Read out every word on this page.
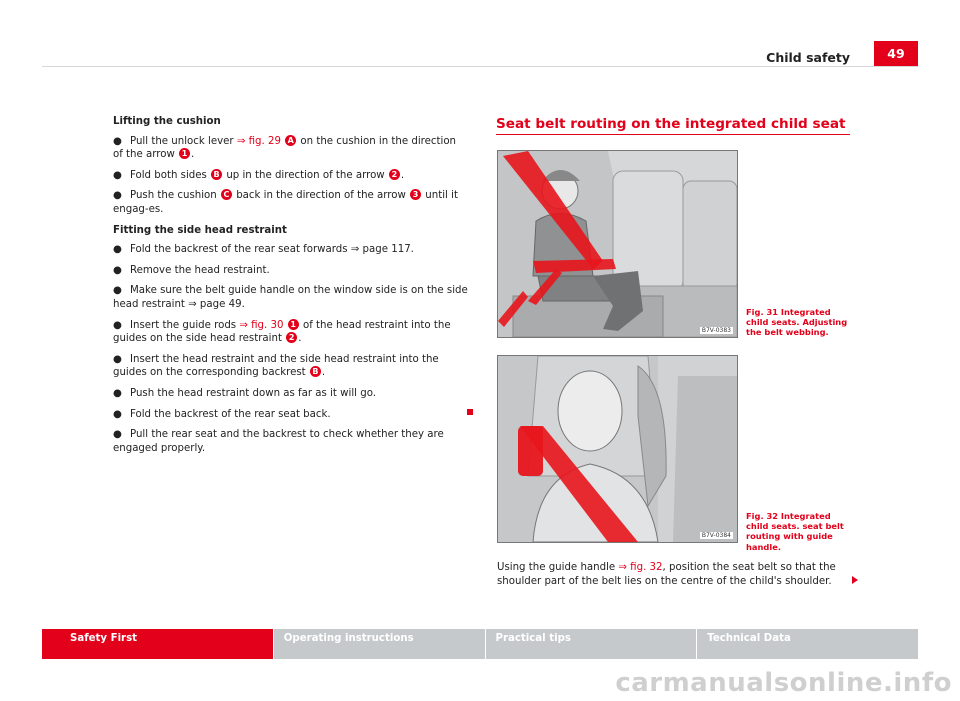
Child safety	49

Lifting the cushion

● Pull the unlock lever ⇒ fig. 29 A on the cushion in the direction of the arrow 1 .

● Fold both sides B up in the direction of the arrow 2 .

● Push the cushion C back in the direction of the arrow 3 until it engag-es.

Fitting the side head restraint

● Fold the backrest of the rear seat forwards ⇒ page 117.

● Remove the head restraint.

● Make sure the belt guide handle on the window side is on the side head restraint ⇒ page 49.

● Insert the guide rods ⇒ fig. 30 1 of the head restraint into the guides on the side head restraint 2 .

● Insert the head restraint and the side head restraint into the guides on the corresponding backrest B .

● Push the head restraint down as far as it will go.

● Fold the backrest of the rear seat back.

● Pull the rear seat and the backrest to check whether they are engaged properly.

Seat belt routing on the integrated child seat
B7V-0383
Fig. 31 Integrated child seats. Adjusting the belt webbing.
B7V-0384
Fig. 32 Integrated child seats. seat belt routing with guide handle.
Using the guide handle ⇒ fig. 32, position the seat belt so that the shoulder part of the belt lies on the centre of the child's shoulder.
Safety First	Operating instructions	Practical tips	Technical Data
carmanualsonline.info
